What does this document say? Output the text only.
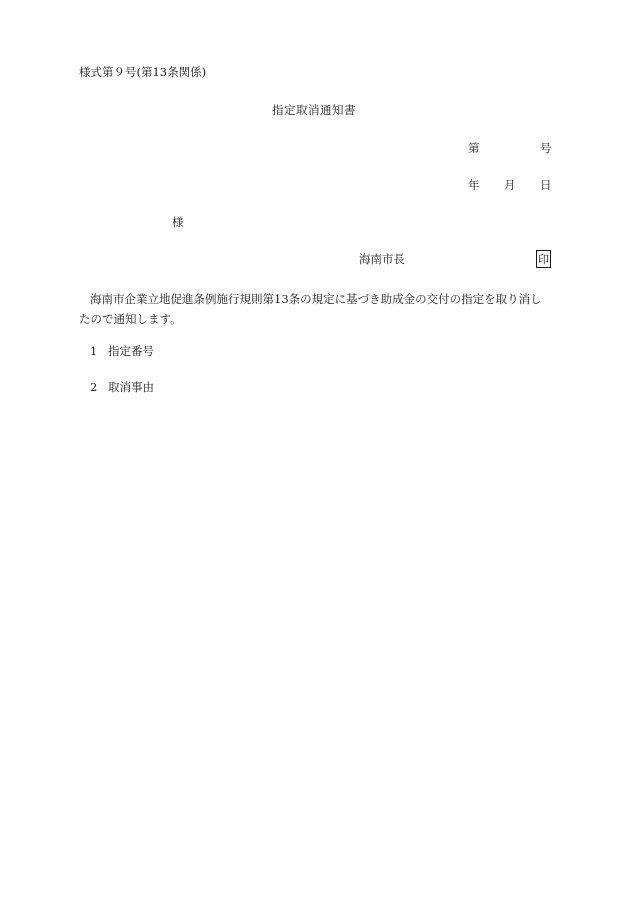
様式第９号(第13条関係)
指定取消通知書
第	号
年 月 日
様
海南市長	印
海南市企業立地促進条例施行規則第13条の規定に基づき助成金の交付の指定を取り消したので通知します。
1 指定番号
2 取消事由
